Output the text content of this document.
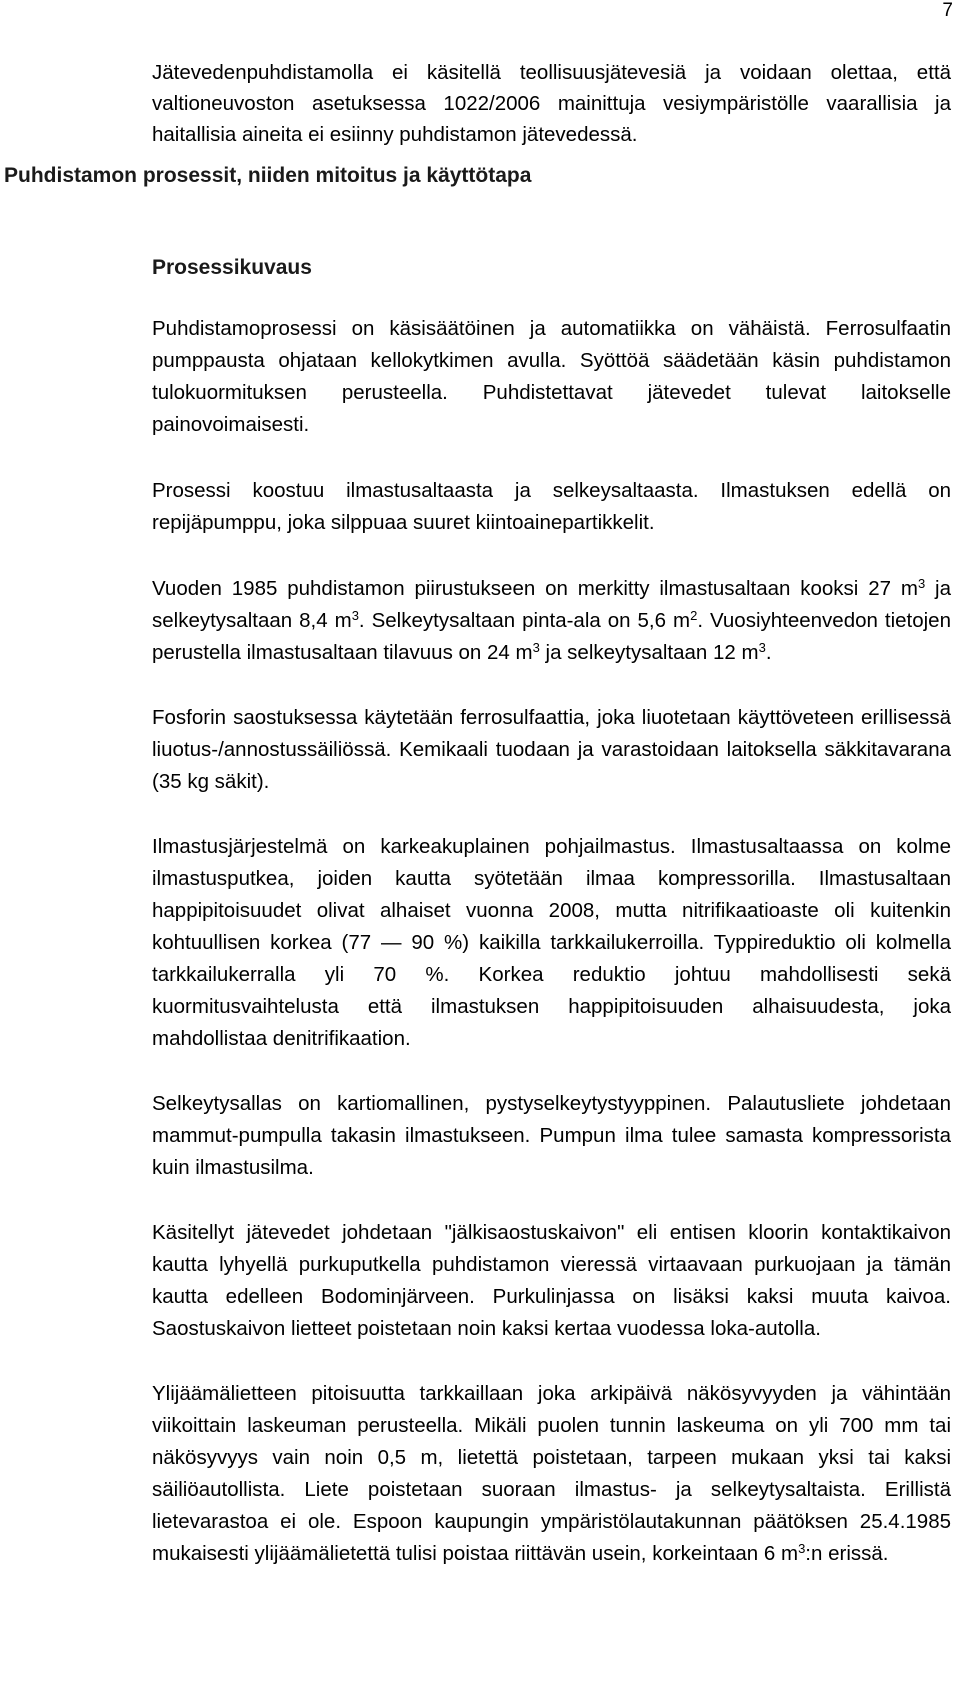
7

Jätevedenpuhdistamolla ei käsitellä teollisuusjätevesiä ja voidaan olettaa, että valtioneuvoston asetuksessa 1022/2006 mainittuja vesiympäristölle vaarallisia ja haitallisia aineita ei esiinny puhdistamon jätevedessä.

Puhdistamon prosessit, niiden mitoitus ja käyttötapa
Prosessikuvaus

Puhdistamoprosessi on käsisäätöinen ja automatiikka on vähäistä. Ferrosulfaatin pumppausta ohjataan kellokytkimen avulla. Syöttöä säädetään käsin puhdistamon tulokuormituksen perusteella. Puhdistettavat jätevedet tulevat laitokselle painovoimaisesti.

Prosessi koostuu ilmastusaltaasta ja selkeysaltaasta. Ilmastuksen edellä on repijäpumppu, joka silppuaa suuret kiintoainepartikkelit.

Vuoden 1985 puhdistamon piirustukseen on merkitty ilmastusaltaan kooksi 27 $m^3$ ja selkeytysaltaan 8,4 $m^3$. Selkeytysaltaan pinta-ala on 5,6 $m^2$. Vuosiyhteenvedon tietojen perustella ilmastusaltaan tilavuus on 24 $m^3$ ja selkeytysaltaan 12 $m^3$.

Fosforin saostuksessa käytetään ferrosulfaattia, joka liuotetaan käyttöveteen erillisessä liuotus-/annostussäiliössä. Kemikaali tuodaan ja varastoidaan laitoksella säkkitavarana (35 kg säkit).

Ilmastusjärjestelmä on karkeakuplainen pohjailmastus. Ilmastusaltaassa on kolme ilmastusputkea, joiden kautta syötetään ilmaa kompressorilla. Ilmastusaltaan happipitoisuudet olivat alhaiset vuonna 2008, mutta nitrifikaatioaste oli kuitenkin kohtuullisen korkea (77 — 90 %) kaikilla tarkkailukerroilla. Typpireduktio oli kolmella tarkkailukerralla yli 70 %. Korkea reduktio johtuu mahdollisesti sekä kuormitusvaihtelusta että ilmastuksen happipitoisuuden alhaisuudesta, joka mahdollistaa denitrifikaation.

Selkeytysallas on kartiomallinen, pystyselkeytystyyppinen. Palautusliete johdetaan mammut-pumpulla takasin ilmastukseen. Pumpun ilma tulee samasta kompressorista kuin ilmastusilma.

Käsitellyt jätevedet johdetaan "jälkisaostuskaivon" eli entisen kloorin kontaktikaivon kautta lyhyellä purkuputkella puhdistamon vieressä virtaavaan purkuojaan ja tämän kautta edelleen Bodominjärveen. Purkulinjassa on lisäksi kaksi muuta kaivoa. Saostuskaivon lietteet poistetaan noin kaksi kertaa vuodessa loka-autolla.

Ylijäämälietteen pitoisuutta tarkkaillaan joka arkipäivä näkösyvyyden ja vähintään viikoittain laskeuman perusteella. Mikäli puolen tunnin laskeuma on yli 700 mm tai näkösyvyys vain noin 0,5 m, lietettä poistetaan, tarpeen mukaan yksi tai kaksi säiliöautollista. Liete poistetaan suoraan ilmastus- ja selkeytysaltaista. Erillistä lietevarastoa ei ole. Espoon kaupungin ympäristölautakunnan päätöksen 25.4.1985 mukaisesti ylijäämälietettä tulisi poistaa riittävän usein, korkeintaan 6 $m^3:n$ erissä.
